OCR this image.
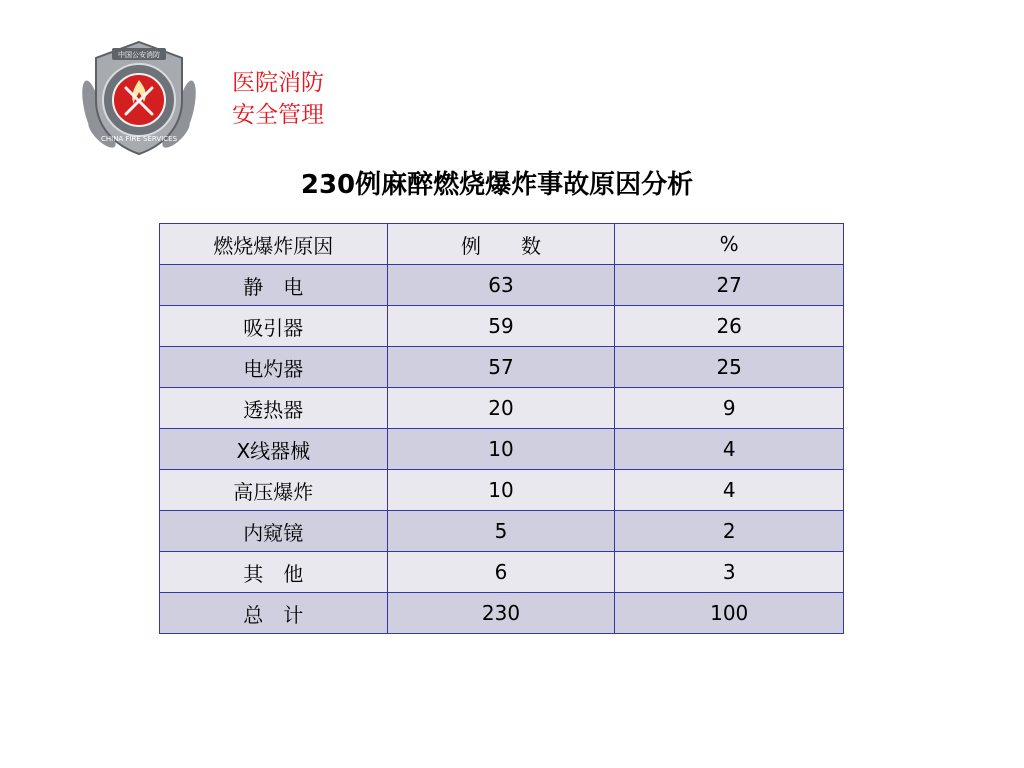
中国公安消防
CHINA FIRE SERVICES
医院消防
安全管理
230例麻醉燃烧爆炸事故原因分析
燃烧爆炸原因	例　　数	%
静　电	63	27
吸引器	59	26
电灼器	57	25
透热器	20	9
X线器械	10	4
高压爆炸	10	4
内窥镜	5	2
其　他	6	3
总　计	230	100
